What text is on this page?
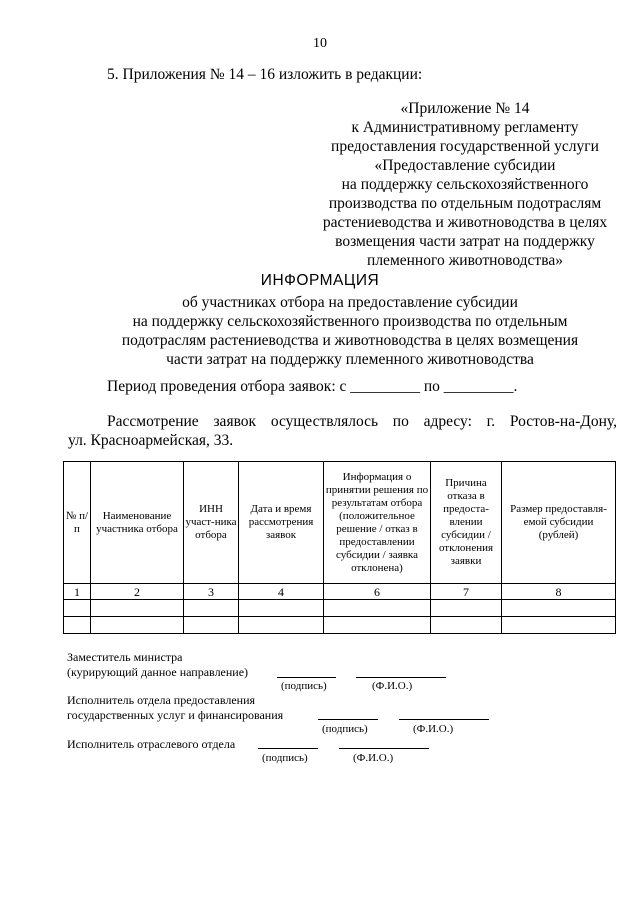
10
5. Приложения № 14 – 16 изложить в редакции:
«Приложение № 14
к Административному регламенту
предоставления государственной услуги
«Предоставление субсидии
на поддержку сельскохозяйственного
производства по отдельным подотраслям
растениеводства и животноводства в целях
возмещения части затрат на поддержку
племенного животноводства»
ИНФОРМАЦИЯ
об участниках отбора на предоставление субсидии
на поддержку сельскохозяйственного производства по отдельным
подотраслям растениеводства и животноводства в целях возмещения
части затрат на поддержку племенного животноводства
Период проведения отбора заявок: с _________ по _________.
Рассмотрение заявок осуществлялось по адресу: г. Ростов-на-Дону,
ул. Красноармейская, 33.
№ п/п	Наименование участника отбора	ИНН участ-ника отбора	Дата и время рассмотрения заявок	Информация о принятии решения по результатам отбора (положительное решение / отказ в предоставлении субсидии / заявка отклонена)	Причина отказа в предоста-влении субсидии / отклонения заявки	Размер предоставля-емой субсидии (рублей)
1	2	3	4	6	7	8

Заместитель министра
(курирующий данное направление)
(подпись)	(Ф.И.О.)
Исполнитель отдела предоставления
государственных услуг и финансирования
(подпись)	(Ф.И.О.)
Исполнитель отраслевого отдела
(подпись)	(Ф.И.О.)
